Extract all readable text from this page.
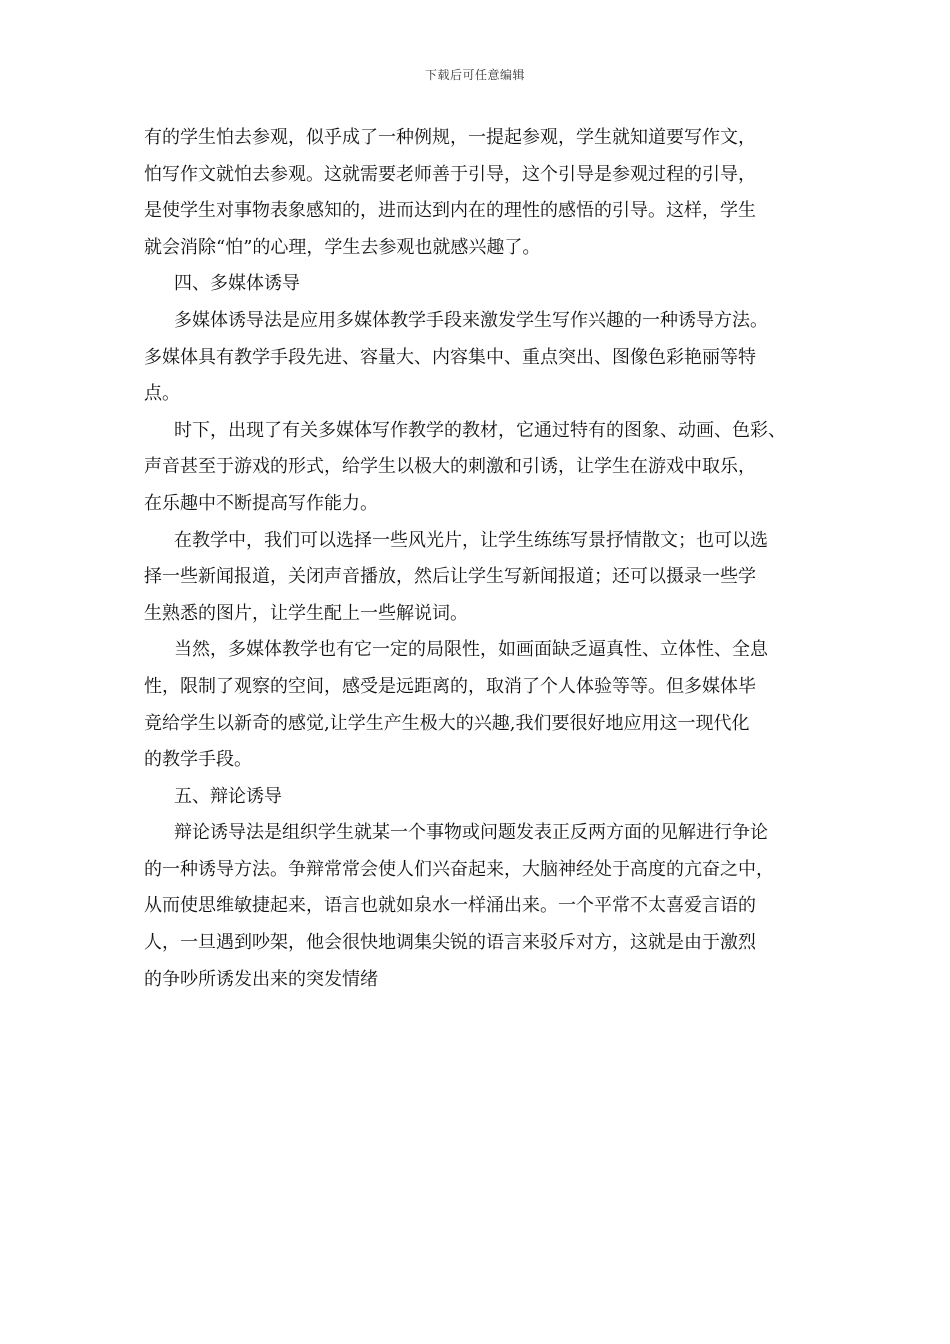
下载后可任意编辑

有的学生怕去参观，似乎成了一种例规，一提起参观，学生就知道要写作文，
怕写作文就怕去参观。这就需要老师善于引导，这个引导是参观过程的引导，
是使学生对事物表象感知的，进而达到内在的理性的感悟的引导。这样，学生
就会消除“怕”的心理，学生去参观也就感兴趣了。

四、多媒体诱导

多媒体诱导法是应用多媒体教学手段来激发学生写作兴趣的一种诱导方法。
多媒体具有教学手段先进、容量大、内容集中、重点突出、图像色彩艳丽等特
点。

时下，出现了有关多媒体写作教学的教材，它通过特有的图象、动画、色彩、
声音甚至于游戏的形式，给学生以极大的刺激和引诱，让学生在游戏中取乐，
在乐趣中不断提高写作能力。

在教学中，我们可以选择一些风光片，让学生练练写景抒情散文；也可以选
择一些新闻报道，关闭声音播放，然后让学生写新闻报道；还可以摄录一些学
生熟悉的图片，让学生配上一些解说词。

当然，多媒体教学也有它一定的局限性，如画面缺乏逼真性、立体性、全息
性，限制了观察的空间，感受是远距离的，取消了个人体验等等。但多媒体毕
竟给学生以新奇的感觉,让学生产生极大的兴趣,我们要很好地应用这一现代化
的教学手段。

五、辩论诱导

辩论诱导法是组织学生就某一个事物或问题发表正反两方面的见解进行争论
的一种诱导方法。争辩常常会使人们兴奋起来，大脑神经处于高度的亢奋之中，
从而使思维敏捷起来，语言也就如泉水一样涌出来。一个平常不太喜爱言语的
人，一旦遇到吵架，他会很快地调集尖锐的语言来驳斥对方，这就是由于激烈
的争吵所诱发出来的突发情绪
